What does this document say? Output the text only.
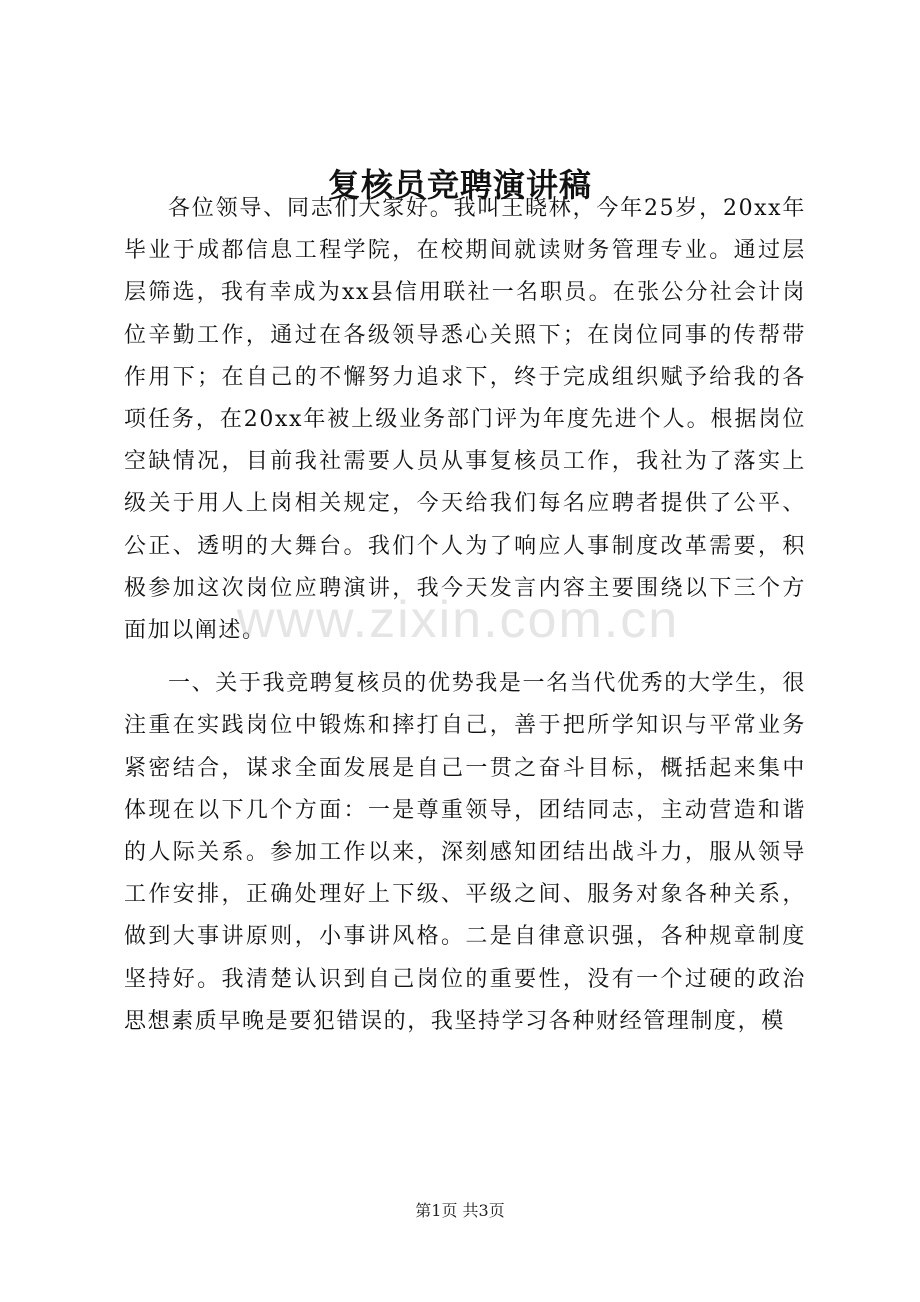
复核员竞聘演讲稿

各位领导、同志们大家好。我叫王晓林，今年25岁，20xx年毕业于成都信息工程学院，在校期间就读财务管理专业。通过层层筛选，我有幸成为xx县信用联社一名职员。在张公分社会计岗位辛勤工作，通过在各级领导悉心关照下；在岗位同事的传帮带作用下；在自己的不懈努力追求下，终于完成组织赋予给我的各项任务，在20xx年被上级业务部门评为年度先进个人。根据岗位空缺情况，目前我社需要人员从事复核员工作，我社为了落实上级关于用人上岗相关规定，今天给我们每名应聘者提供了公平、公正、透明的大舞台。我们个人为了响应人事制度改革需要，积极参加这次岗位应聘演讲，我今天发言内容主要围绕以下三个方面加以阐述。

一、关于我竞聘复核员的优势我是一名当代优秀的大学生，很注重在实践岗位中锻炼和摔打自己，善于把所学知识与平常业务紧密结合，谋求全面发展是自己一贯之奋斗目标，概括起来集中体现在以下几个方面：一是尊重领导，团结同志，主动营造和谐的人际关系。参加工作以来，深刻感知团结出战斗力，服从领导工作安排，正确处理好上下级、平级之间、服务对象各种关系，做到大事讲原则，小事讲风格。二是自律意识强，各种规章制度坚持好。我清楚认识到自己岗位的重要性，没有一个过硬的政治思想素质早晚是要犯错误的，我坚持学习各种财经管理制度，模

www.zixin.com.cn
第1页 共3页
